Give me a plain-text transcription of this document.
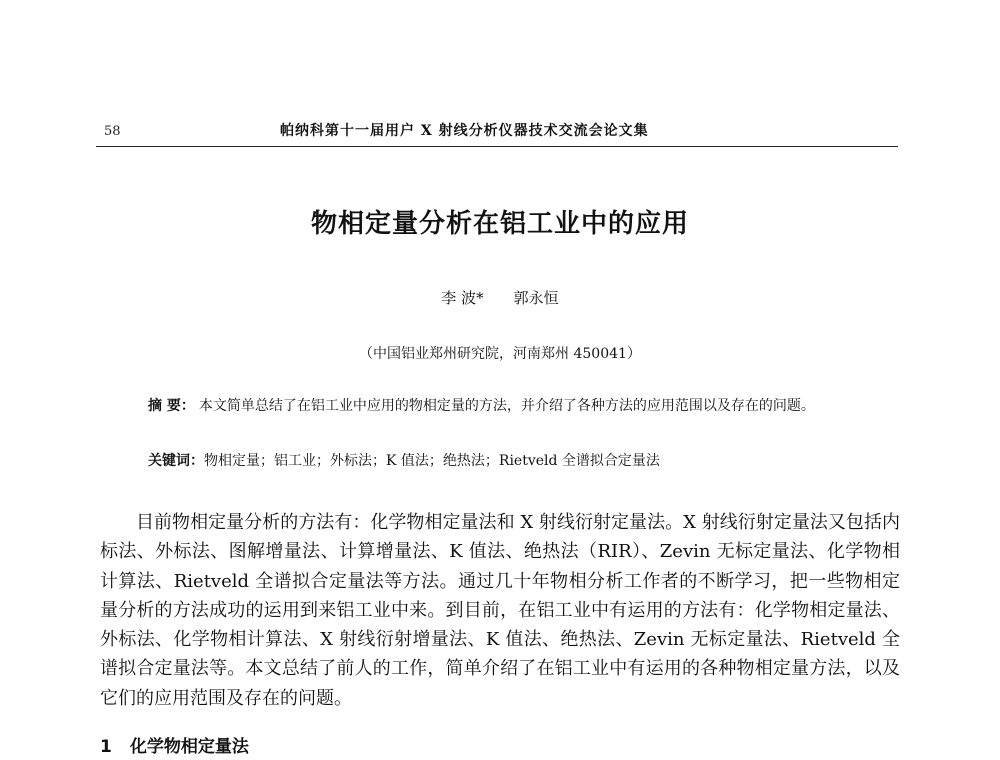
58	帕纳科第十一届用户 X 射线分析仪器技术交流会论文集
物相定量分析在铝工业中的应用
李 波* 郭永恒
（中国铝业郑州研究院，河南郑州 450041）
摘 要： 本文简单总结了在铝工业中应用的物相定量的方法，并介绍了各种方法的应用范围以及存在的问题。
关键词：物相定量；铝工业；外标法；K 值法；绝热法；Rietveld 全谱拟合定量法

目前物相定量分析的方法有：化学物相定量法和 X 射线衍射定量法。X 射线衍射定量法又包括内标法、外标法、图解增量法、计算增量法、K 值法、绝热法（RIR）、Zevin 无标定量法、化学物相计算法、Rietveld 全谱拟合定量法等方法。通过几十年物相分析工作者的不断学习，把一些物相定量分析的方法成功的运用到来铝工业中来。到目前，在铝工业中有运用的方法有：化学物相定量法、外标法、化学物相计算法、X 射线衍射增量法、K 值法、绝热法、Zevin 无标定量法、Rietveld 全谱拟合定量法等。本文总结了前人的工作，简单介绍了在铝工业中有运用的各种物相定量方法，以及它们的应用范围及存在的问题。

1 化学物相定量法
